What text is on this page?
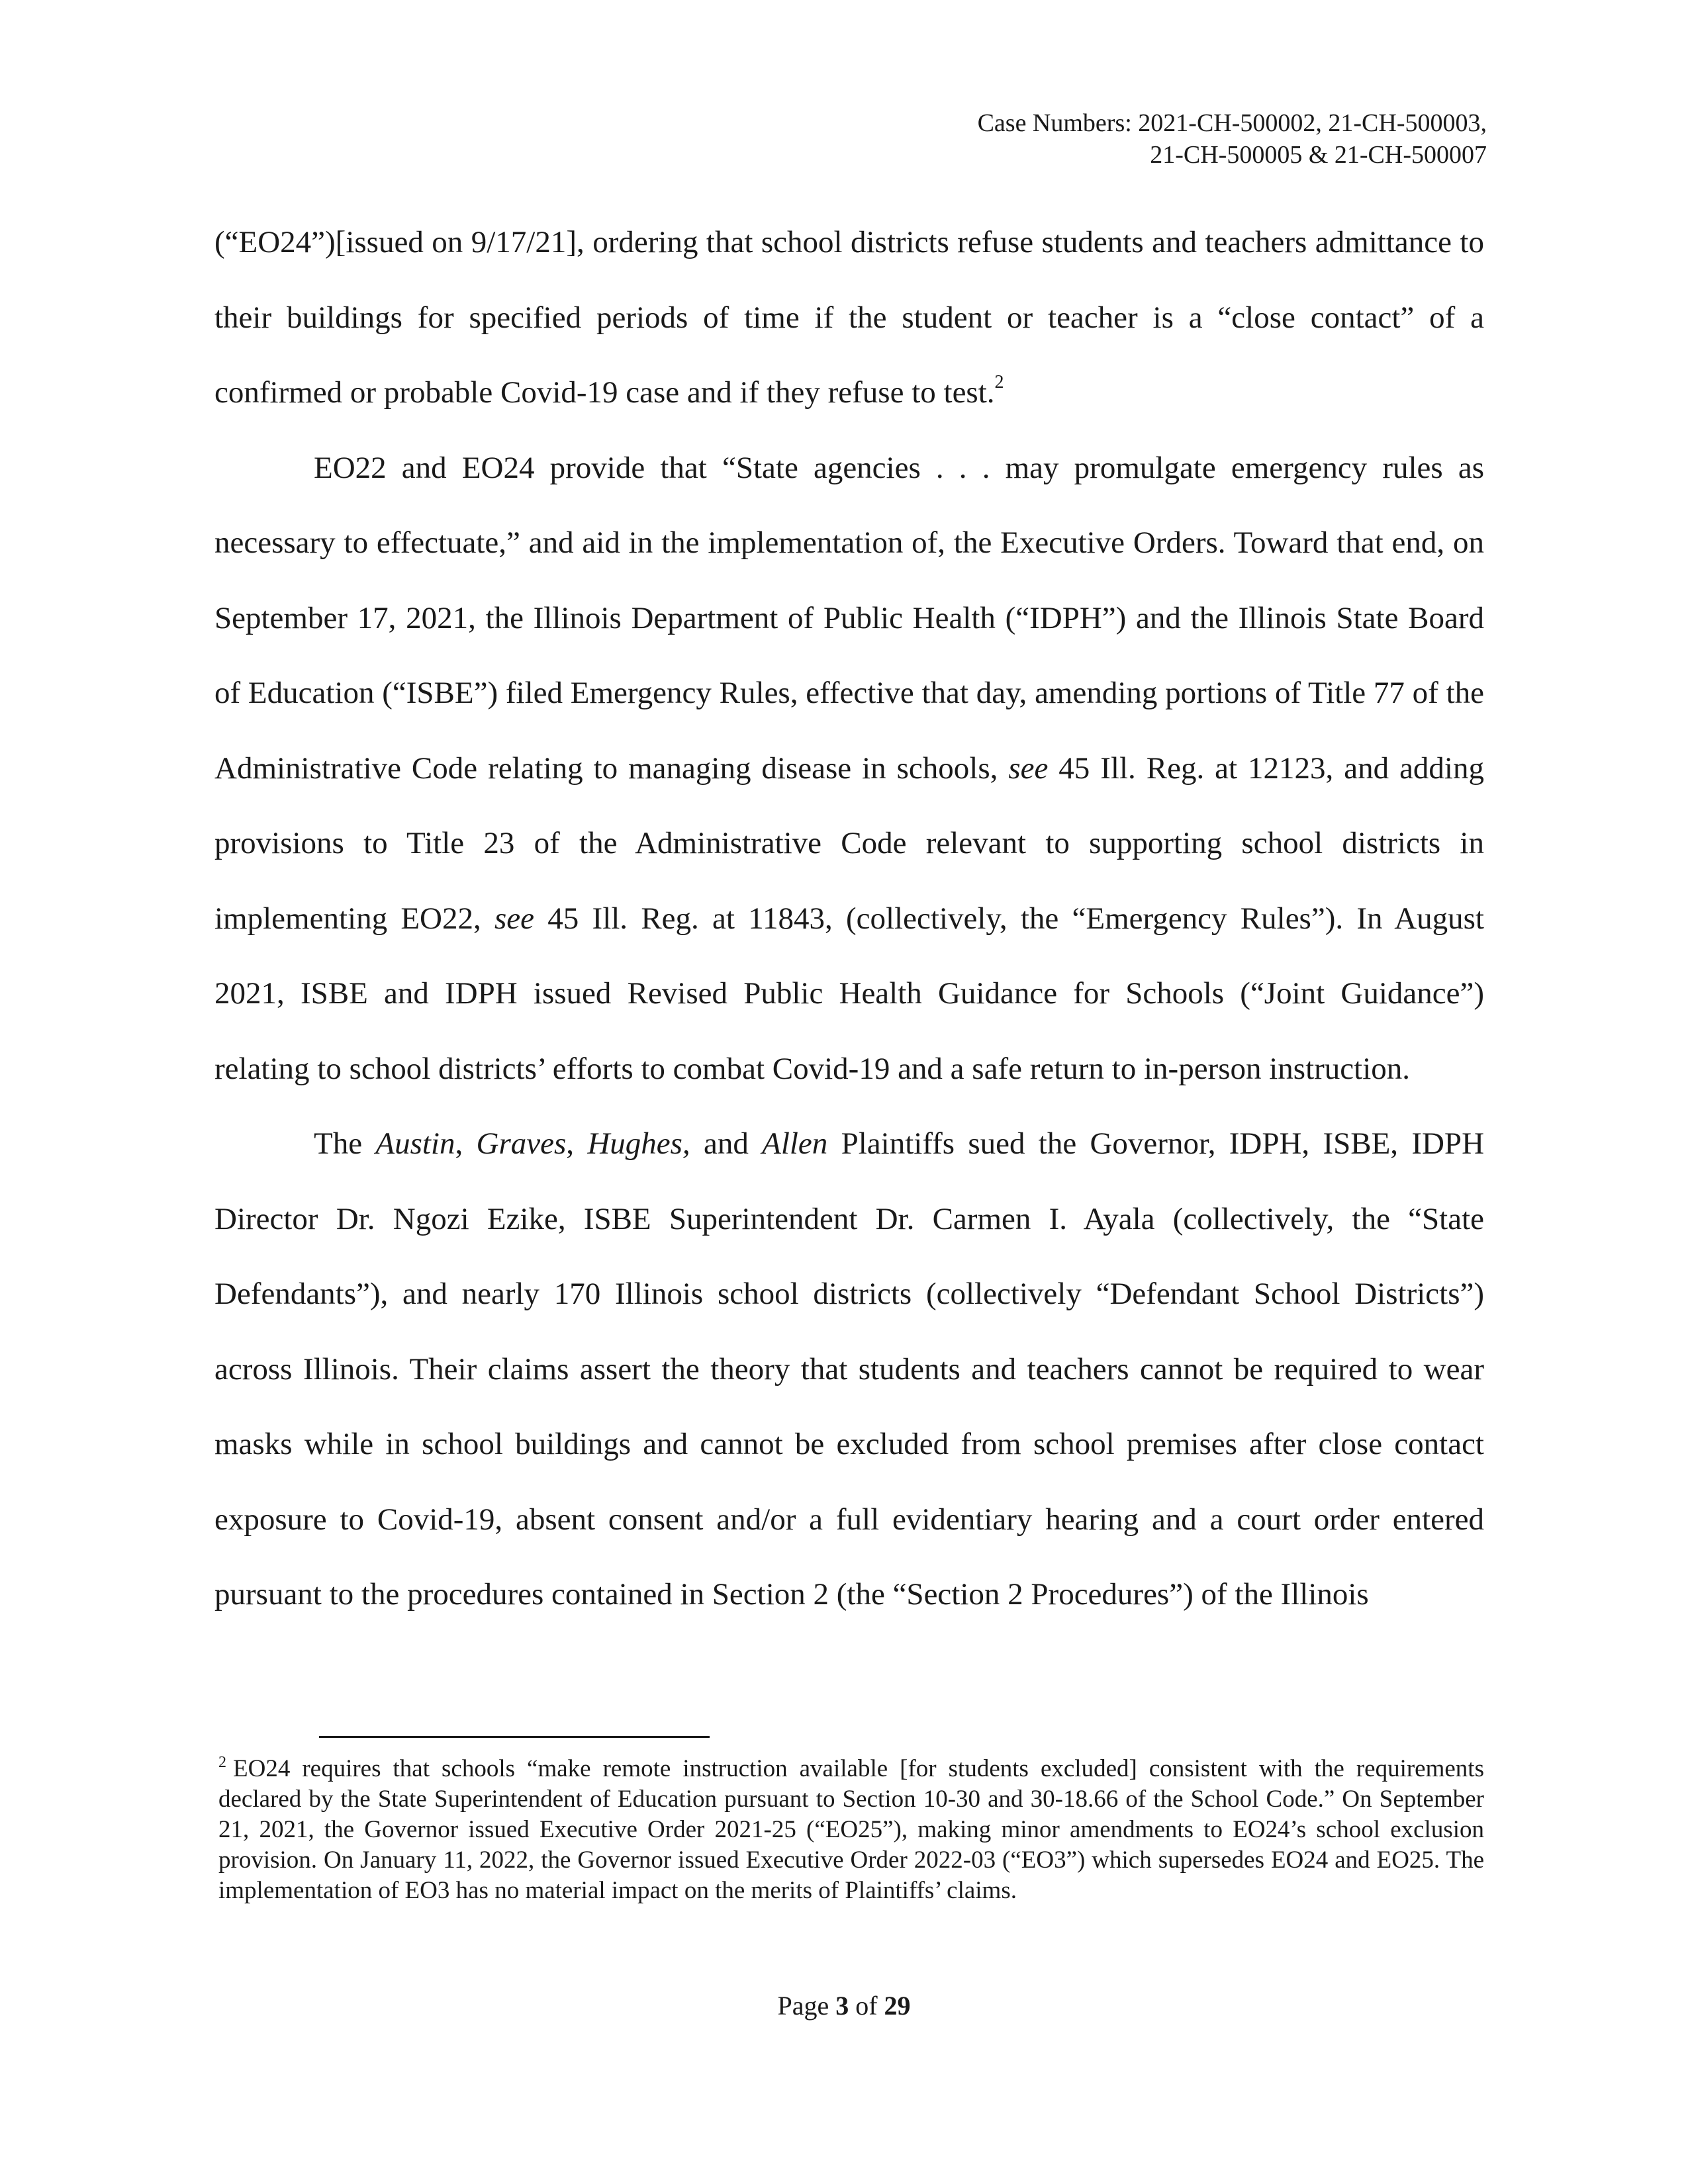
Case Numbers: 2021-CH-500002, 21-CH-500003,
21-CH-500005 & 21-CH-500007

(“EO24”)[issued on 9/17/21], ordering that school districts refuse students and teachers admittance to their buildings for specified periods of time if the student or teacher is a “close contact” of a confirmed or probable Covid-19 case and if they refuse to test.$^2$

EO22 and EO24 provide that “State agencies . . . may promulgate emergency rules as necessary to effectuate,” and aid in the implementation of, the Executive Orders. Toward that end, on September 17, 2021, the Illinois Department of Public Health (“IDPH”) and the Illinois State Board of Education (“ISBE”) filed Emergency Rules, effective that day, amending portions of Title 77 of the Administrative Code relating to managing disease in schools, see 45 Ill. Reg. at 12123, and adding provisions to Title 23 of the Administrative Code relevant to supporting school districts in implementing EO22, see 45 Ill. Reg. at 11843, (collectively, the “Emergency Rules”). In August 2021, ISBE and IDPH issued Revised Public Health Guidance for Schools (“Joint Guidance”) relating to school districts’ efforts to combat Covid-19 and a safe return to in-person instruction.

The Austin, Graves, Hughes, and Allen Plaintiffs sued the Governor, IDPH, ISBE, IDPH Director Dr. Ngozi Ezike, ISBE Superintendent Dr. Carmen I. Ayala (collectively, the “State Defendants”), and nearly 170 Illinois school districts (collectively “Defendant School Districts”) across Illinois. Their claims assert the theory that students and teachers cannot be required to wear masks while in school buildings and cannot be excluded from school premises after close contact exposure to Covid-19, absent consent and/or a full evidentiary hearing and a court order entered pursuant to the procedures contained in Section 2 (the “Section 2 Procedures”) of the Illinois

$^2$ EO24 requires that schools “make remote instruction available [for students excluded] consistent with the requirements declared by the State Superintendent of Education pursuant to Section 10-30 and 30-18.66 of the School Code.” On September 21, 2021, the Governor issued Executive Order 2021-25 (“EO25”), making minor amendments to EO24’s school exclusion provision. On January 11, 2022, the Governor issued Executive Order 2022-03 (“EO3”) which supersedes EO24 and EO25. The implementation of EO3 has no material impact on the merits of Plaintiffs’ claims.
Page 3 of 29
